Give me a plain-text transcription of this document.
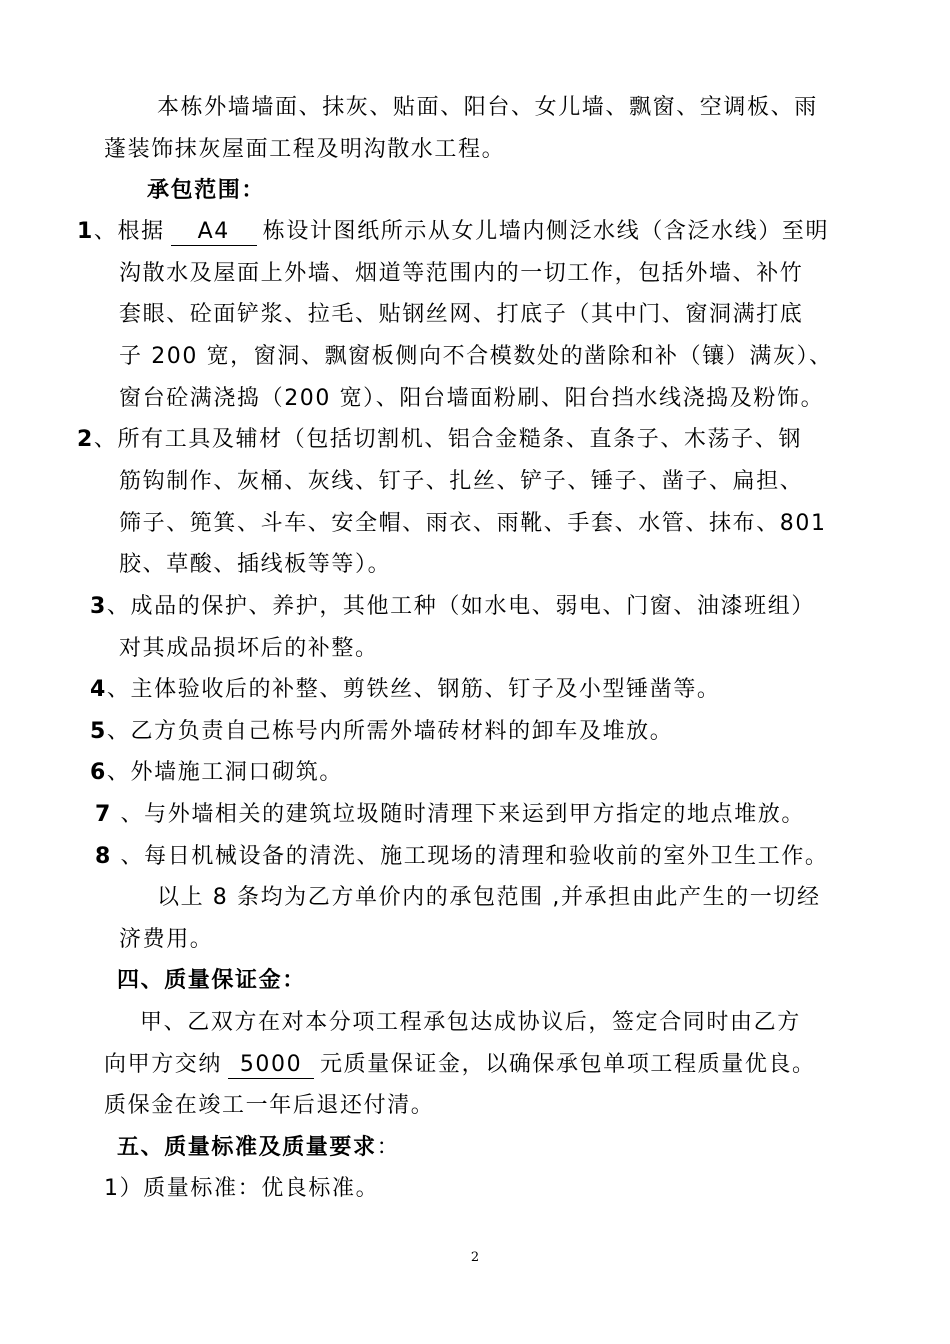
本栋外墙墙面、抹灰、贴面、阳台、女儿墙、飘窗、空调板、雨
蓬装饰抹灰屋面工程及明沟散水工程。
承包范围：
1、根据 A4 栋设计图纸所示从女儿墙内侧泛水线（含泛水线）至明
沟散水及屋面上外墙、烟道等范围内的一切工作，包括外墙、补竹
套眼、砼面铲浆、拉毛、贴钢丝网、打底子（其中门、窗洞满打底
子 200 宽，窗洞、飘窗板侧向不合模数处的凿除和补（镶）满灰）、
窗台砼满浇捣（200 宽）、阳台墙面粉刷、阳台挡水线浇捣及粉饰。
2、所有工具及辅材（包括切割机、铝合金糙条、直条子、木荡子、钢
筋钩制作、灰桶、灰线、钉子、扎丝、铲子、锤子、凿子、扁担、
筛子、篼箕、斗车、安全帽、雨衣、雨靴、手套、水管、抹布、801
胶、草酸、插线板等等）。
3、成品的保护、养护，其他工种（如水电、弱电、门窗、油漆班组）
对其成品损坏后的补整。
4、主体验收后的补整、剪铁丝、钢筋、钉子及小型锤凿等。
5、乙方负责自己栋号内所需外墙砖材料的卸车及堆放。
6、外墙施工洞口砌筑。
7 、与外墙相关的建筑垃圾随时清理下来运到甲方指定的地点堆放。
8 、每日机械设备的清洗、施工现场的清理和验收前的室外卫生工作。
以上 8 条均为乙方单价内的承包范围 ,并承担由此产生的一切经
济费用。
四、质量保证金：
甲、乙双方在对本分项工程承包达成协议后，签定合同时由乙方
向甲方交纳 5000 元质量保证金，以确保承包单项工程质量优良。
质保金在竣工一年后退还付清。
五、质量标准及质量要求：
1）质量标准：优良标准。
2
